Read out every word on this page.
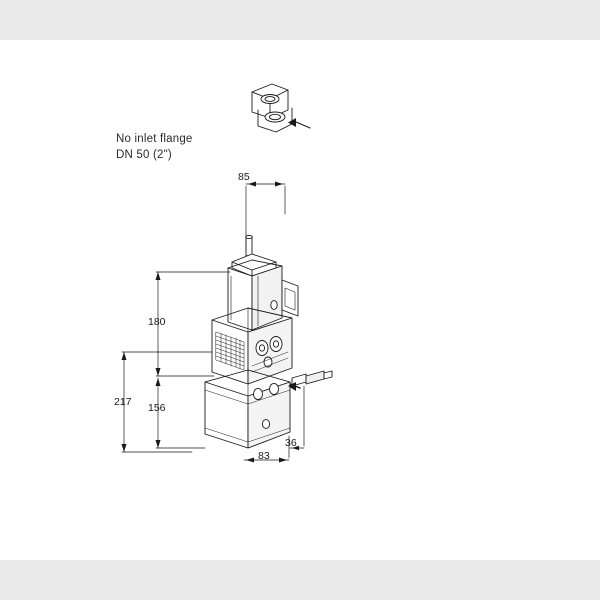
No inlet flange
DN 50 (2")
85
180
217 156
83
36
